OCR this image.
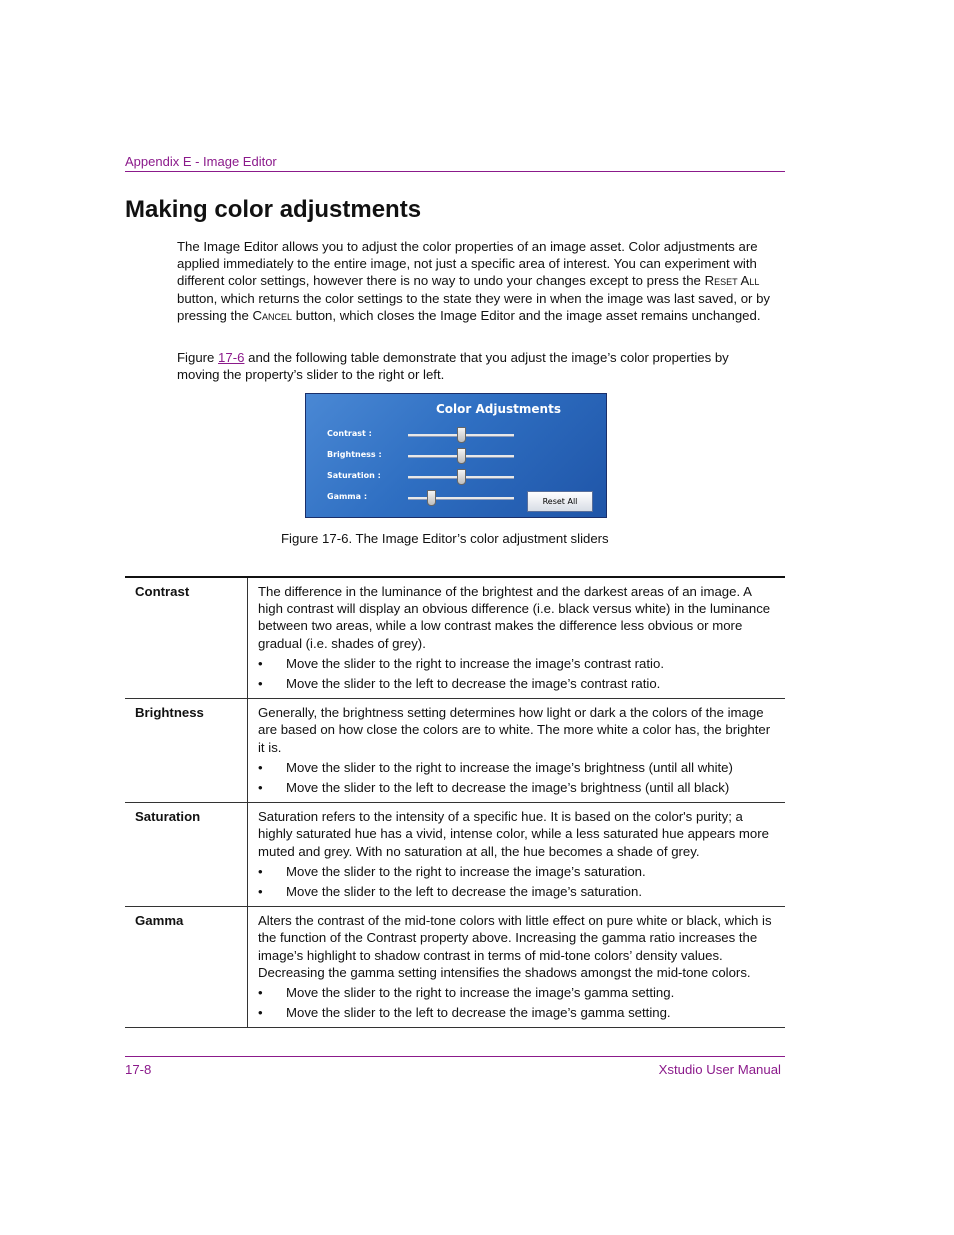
Appendix E - Image Editor
Making color adjustments

The Image Editor allows you to adjust the color properties of an image asset. Color adjustments are applied immediately to the entire image, not just a specific area of interest. You can experiment with different color settings, however there is no way to undo your changes except to press the Reset All button, which returns the color settings to the state they were in when the image was last saved, or by pressing the Cancel button, which closes the Image Editor and the image asset remains unchanged.

Figure 17-6 and the following table demonstrate that you adjust the image’s color properties by moving the property’s slider to the right or left.

Color Adjustments
Contrast :
Brightness :
Saturation :
Gamma :
Reset All
Figure 17-6. The Image Editor’s color adjustment sliders
Contrast	The difference in the luminance of the brightest and the darkest areas of an image. A high contrast will display an obvious difference (i.e. black versus white) in the luminance between two areas, while a low contrast makes the difference less obvious or more gradual (i.e. shades of grey).

•	Move the slider to the right to increase the image’s contrast ratio.
•	Move the slider to the left to decrease the image’s contrast ratio.
Brightness	Generally, the brightness setting determines how light or dark a the colors of the image are based on how close the colors are to white. The more white a color has, the brighter it is.

•	Move the slider to the right to increase the image’s brightness (until all white)
•	Move the slider to the left to decrease the image’s brightness (until all black)
Saturation	Saturation refers to the intensity of a specific hue. It is based on the color's purity; a highly saturated hue has a vivid, intense color, while a less saturated hue appears more muted and grey. With no saturation at all, the hue becomes a shade of grey.

•	Move the slider to the right to increase the image’s saturation.
•	Move the slider to the left to decrease the image’s saturation.
Gamma	Alters the contrast of the mid-tone colors with little effect on pure white or black, which is the function of the Contrast property above. Increasing the gamma ratio increases the image’s highlight to shadow contrast in terms of mid-tone colors’ density values. Decreasing the gamma setting intensifies the shadows amongst the mid-tone colors.

•	Move the slider to the right to increase the image’s gamma setting.
•	Move the slider to the left to decrease the image’s gamma setting.
17-8	Xstudio User Manual
